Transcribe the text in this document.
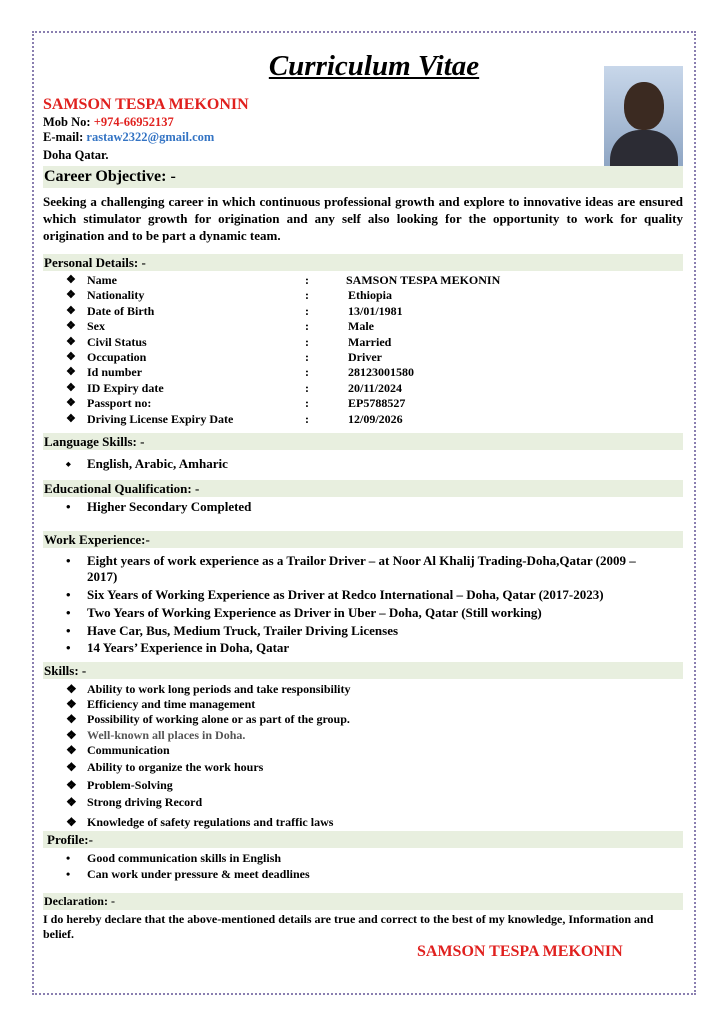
Curriculum Vitae
SAMSON TESPA MEKONIN
Mob No: +974-66952137
E-mail: rastaw2322@gmail.com
Doha Qatar.
Career Objective: -
Seeking a challenging career in which continuous professional growth and explore to innovative ideas are ensured which stimulator growth for origination and any self also looking for the opportunity to work for quality origination and to be part a dynamic team.
Personal Details: -
❖ Name	:	SAMSON TESPA MEKONIN
❖ Nationality	:	Ethiopia
❖ Date of Birth	:	13/01/1981
❖ Sex	:	Male
❖ Civil Status	:	Married
❖ Occupation	:	Driver
❖ Id number	:	28123001580
❖ ID Expiry date	:	20/11/2024
❖ Passport no:	:	EP5788527
❖ Driving License Expiry Date	:	12/09/2026
Language Skills: -
⬩ English, Arabic, Amharic
Educational Qualification: -
• Higher Secondary Completed
Work Experience:-
• Eight years of work experience as a Trailor Driver – at Noor Al Khalij Trading-Doha,Qatar (2009 – 2017)
• Six Years of Working Experience as Driver at Redco International – Doha, Qatar (2017-2023)
• Two Years of Working Experience as Driver in Uber – Doha, Qatar (Still working)
• Have Car, Bus, Medium Truck, Trailer Driving Licenses
• 14 Years’ Experience in Doha, Qatar
Skills: -
❖ Ability to work long periods and take responsibility
❖ Efficiency and time management
❖ Possibility of working alone or as part of the group.
❖ Well-known all places in Doha.
❖ Communication
❖ Ability to organize the work hours
❖ Problem-Solving
❖ Strong driving Record
❖ Knowledge of safety regulations and traffic laws
Profile:-
• Good communication skills in English
• Can work under pressure & meet deadlines
Declaration: -
I do hereby declare that the above-mentioned details are true and correct to the best of my knowledge, Information and belief.
SAMSON TESPA MEKONIN
